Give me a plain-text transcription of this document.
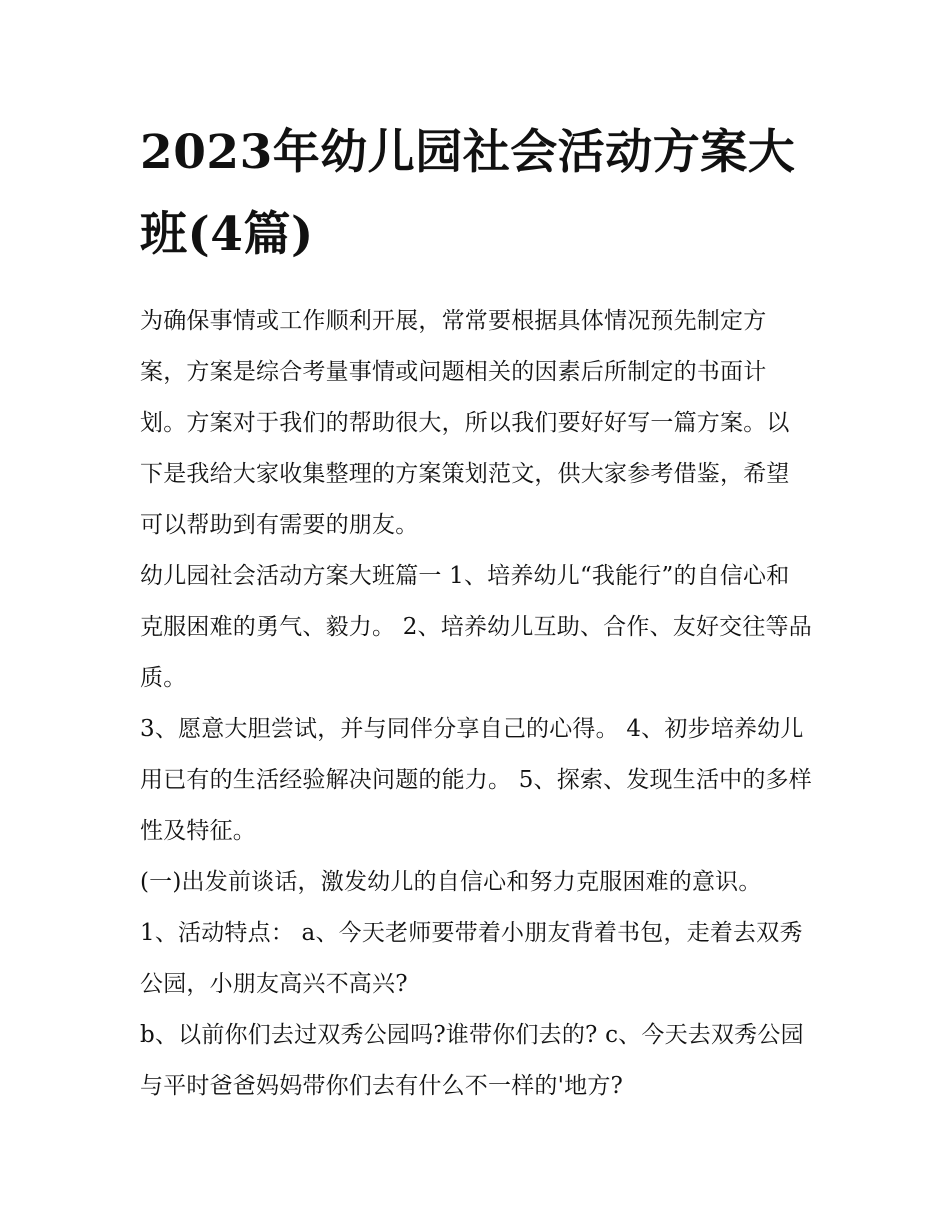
2023年幼儿园社会活动方案大班(4篇)

为确保事情或工作顺利开展，常常要根据具体情况预先制定方案，方案是综合考量事情或问题相关的因素后所制定的书面计划。方案对于我们的帮助很大，所以我们要好好写一篇方案。以下是我给大家收集整理的方案策划范文，供大家参考借鉴，希望可以帮助到有需要的朋友。

幼儿园社会活动方案大班篇一 1、培养幼儿“我能行”的自信心和克服困难的勇气、毅力。 2、培养幼儿互助、合作、友好交往等品质。

3、愿意大胆尝试，并与同伴分享自己的心得。 4、初步培养幼儿用已有的生活经验解决问题的能力。 5、探索、发现生活中的多样性及特征。

(一)出发前谈话，激发幼儿的自信心和努力克服困难的意识。

1、活动特点： a、今天老师要带着小朋友背着书包，走着去双秀公园，小朋友高兴不高兴?

b、以前你们去过双秀公园吗?谁带你们去的? c、今天去双秀公园与平时爸爸妈妈带你们去有什么不一样的'地方?
